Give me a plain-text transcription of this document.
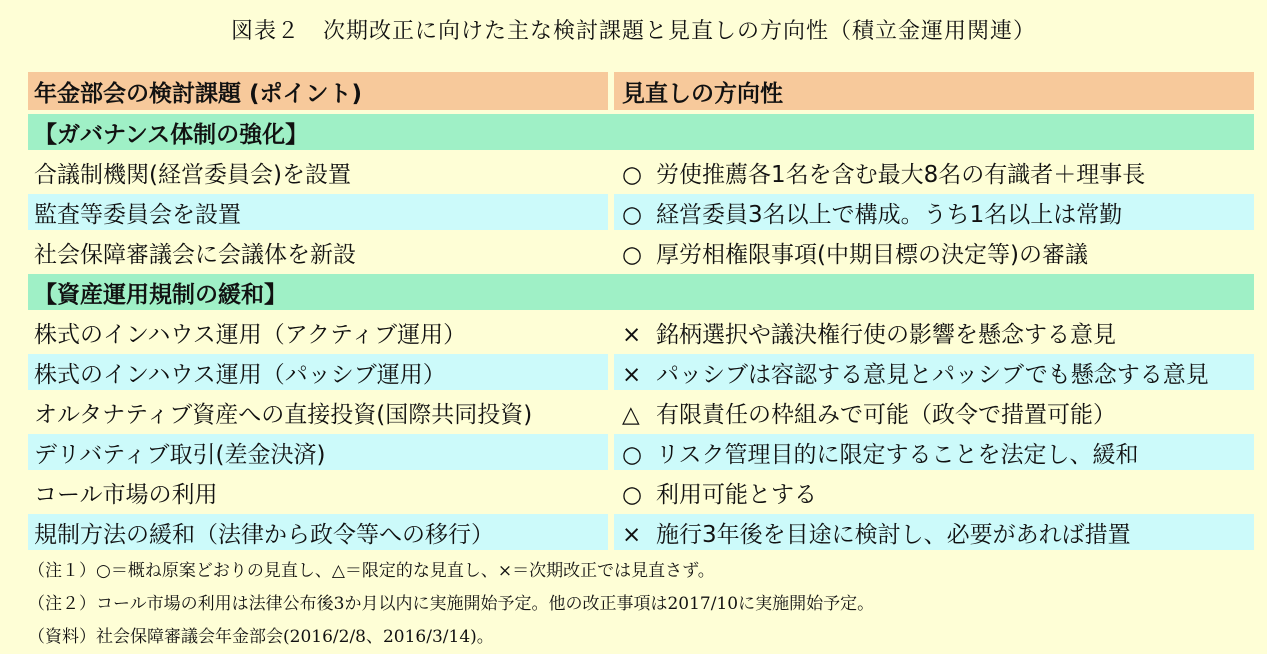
図表２　次期改正に向けた主な検討課題と見直しの方向性（積立金運用関連）
年金部会の検討課題 (ポイント)	見直しの方向性
【ガバナンス体制の強化】	
合議制機関(経営委員会)を設置	○ 労使推薦各1名を含む最大8名の有識者＋理事長
監査等委員会を設置	○ 経営委員3名以上で構成。うち1名以上は常勤
社会保障審議会に会議体を新設	○ 厚労相権限事項(中期目標の決定等)の審議
【資産運用規制の緩和】	
株式のインハウス運用（アクティブ運用）	× 銘柄選択や議決権行使の影響を懸念する意見
株式のインハウス運用（パッシブ運用）	× パッシブは容認する意見とパッシブでも懸念する意見
オルタナティブ資産への直接投資(国際共同投資)	△ 有限責任の枠組みで可能（政令で措置可能）
デリバティブ取引(差金決済)	○ リスク管理目的に限定することを法定し、緩和
コール市場の利用	○ 利用可能とする
規制方法の緩和（法律から政令等への移行）	× 施行3年後を目途に検討し、必要があれば措置
（注１）○＝概ね原案どおりの見直し、△＝限定的な見直し、×＝次期改正では見直さず。
（注２）コール市場の利用は法律公布後3か月以内に実施開始予定。他の改正事項は2017/10に実施開始予定。
（資料）社会保障審議会年金部会(2016/2/8、2016/3/14)。
